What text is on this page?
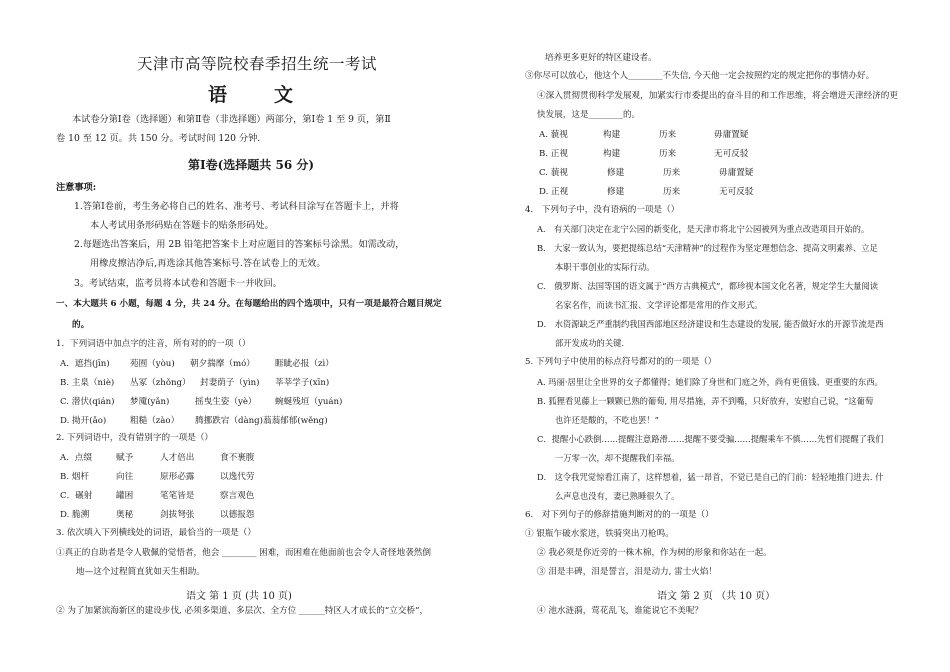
天津市高等院校春季招生统一考试
语　文
本试卷分第Ⅰ卷（选择题）和第Ⅱ卷（非选择题）两部分，第Ⅰ卷 1 至 9 页，第Ⅱ
卷 10 至 12 页。共 150 分。考试时间 120 分钟.
第Ⅰ卷(选择题共 56 分)
注意事项:
1.答第Ⅰ卷前，考生务必将自己的姓名、准考号、考试科目涂写在答题卡上，并将
本人考试用条形码贴在答题卡的贴条形码处。
2.每题选出答案后，用 2B 铅笔把答案卡上对应题目的答案标号涂黑。如需改动，
用橡皮擦洁净后,再选涂其他答案标号.答在试卷上的无效。
3。考试结束，监考员将本试卷和答题卡一并收回。
一、本大题共 6 小题，每题 4 分，共 24 分。在每题给出的四个选项中，只有一项是最符合题目规定
的。
1．下列词语中加点字的注音，所有对的的一项（）
A．遮挡(jīn) 苑囿（yòu) 朝夕揣摩（mó） 睚眦必报（zì）
B. 主臬（niè) 丛冢（zhǒng） 封妻荫子（yìn) 莘莘学子(xīn)
C. 潜伏(qián) 梦魇(yǎn)	摇曳生姿（yè） 蜿蜒残垣（yuán)
D. 拗开(ǎo)	粗糙（zào） 腾挪跌宕（dàng)蓊蓊郁郁(wěng)
2. 下列词语中，没有错别字的一项是（）
A．点缀	赋予	人才倍出	食不裹腹
B. 烟杆	向往	原形必露	以逸代劳
C．碾射	罐困	笔笔皆是	察言观色
D. 脆溯	奥秘	剑拔弩张	以德报怨
3. 依次填入下列横线处的词语，最恰当的一项是（）
①真正的自助者是令人敬佩的觉悟者，他会 ________ 困难，而困难在他面前也会令人奇怪地袭然倒
地—这个过程简直犹如天生相助。
语文 第 1 页 (共 10 页)
② 为了加紧滨海新区的建设步伐, 必须多渠道、多层次、全方位 ______特区人才成长的“立交桥”，
培养更多更好的特区建设者。
③你尽可以放心，他这个人________不失信, 今天他一定会按照约定的规定把你的事情办好。
④深入贯彻贯彻科学发展观，加紧实行市委提出的奋斗目的和工作思维，将会增进天津经济的更
快发展，这是________的。
A. 藐视	构建	历来	毋庸置疑
B. 正视	构建	历来	无可反驳
C. 藐视	修建	历来	毋庸置疑
D. 正视	修建	历来	无可反驳
4． 下列句子中，没有语病的一项是（）
A． 有关部门决定在北宁公园的新变化，是天津市将北宁公园被列为重点改造项目开始的。
B． 大家一致认为，要把提练总结“天津精神”的过程作为坚定理想信念、提高文明素养、立足
本职干事创业的实际行动。
C． 俄罗斯、法国等国的语文属于“西方古典模式”，都珍视本国文化名著，规定学生大量阅读
名家名作，而读书汇报、文学评论都是常用的作文形式。
D． 水资源缺乏严重制约我国西部地区经济建设和生态建设的发展, 能否做好水的开源节流是西
部开发成功的关键.
5. 下列句子中使用的标点符号都对的的一项是（）
A. 玛丽·居里让全世界的女子都懂得；她们除了身世和门庭之外，尚有更值钱、更重要的东西。
B. 狐狸看见藤上一颗颗已熟的葡萄, 用尽措施，弄不到嘴，只好放弃，安慰自己说，“这葡萄
也许还是酸的，不吃也罢！”
C．提醒小心跌倒……提醒注意路滑……提醒不要受骗……提醒乘车不慎……先哲们提醒了我们
一万零一次，却不提醒我们幸福。
D． 这令我咒觉惊看江南了，这样想着，猛一昂首，不觉已是自己的门前：轻轻地推门进去. 什
么声息也没有，妻已熟睡很久了。
6． 对下列句子的修辞措施判断对的的一项是（）
① 银瓶乍破水浆迸，铁骑突出刀枪鸣。
② 我必须是你近旁的一株木棉，作为树的形象和你站在一起。
③ 泪是丰碑，泪是誓言，泪是动力, 雷士火焰！
语文 第 2 页 （共 10 页）
④ 池水涟漪，莺花乱飞，谁能说它不美呢？
